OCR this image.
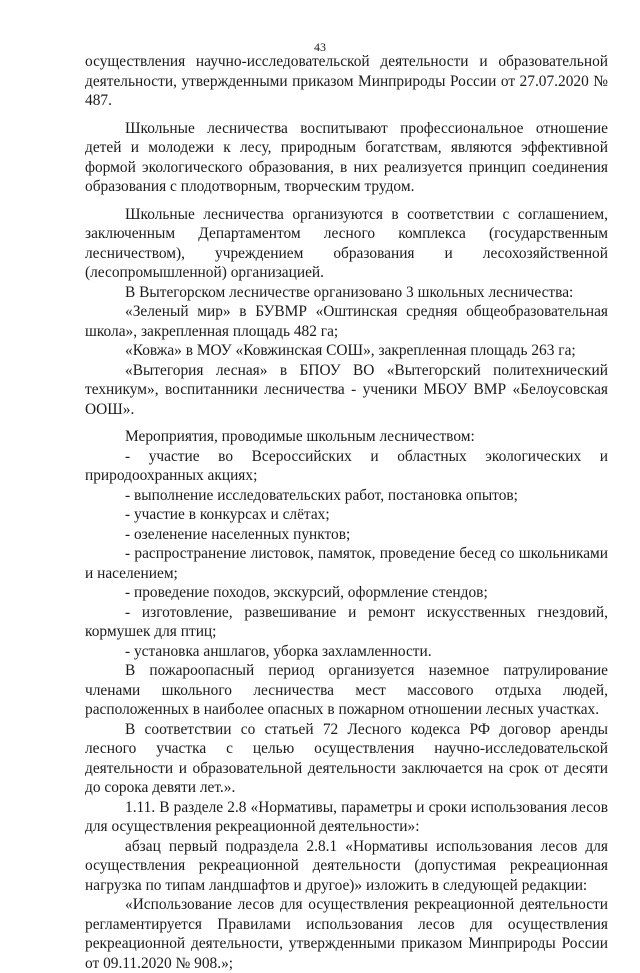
43

осуществления научно-исследовательской деятельности и образовательной деятельности, утвержденными приказом Минприроды России от 27.07.2020 № 487.

Школьные лесничества воспитывают профессиональное отношение детей и молодежи к лесу, природным богатствам, являются эффективной формой экологического образования, в них реализуется принцип соединения образования с плодотворным, творческим трудом.

Школьные лесничества организуются в соответствии с соглашением, заключенным Департаментом лесного комплекса (государственным лесничеством), учреждением образования и лесохозяйственной (лесопромышленной) организацией.

В Вытегорском лесничестве организовано 3 школьных лесничества:

«Зеленый мир» в БУВМР «Оштинская средняя общеобразовательная школа», закрепленная площадь 482 га;

«Ковжа» в МОУ «Ковжинская СОШ», закрепленная площадь 263 га;

«Вытегория лесная» в БПОУ ВО «Вытегорский политехнический техникум», воспитанники лесничества - ученики МБОУ ВМР «Белоусовская ООШ».

Мероприятия, проводимые школьным лесничеством:

- участие во Всероссийских и областных экологических и природоохранных акциях;

- выполнение исследовательских работ, постановка опытов;

- участие в конкурсах и слётах;

- озеленение населенных пунктов;

- распространение листовок, памяток, проведение бесед со школьниками и населением;

- проведение походов, экскурсий, оформление стендов;

- изготовление, развешивание и ремонт искусственных гнездовий, кормушек для птиц;

- установка аншлагов, уборка захламленности.

В пожароопасный период организуется наземное патрулирование членами школьного лесничества мест массового отдыха людей, расположенных в наиболее опасных в пожарном отношении лесных участках.

В соответствии со статьей 72 Лесного кодекса РФ договор аренды лесного участка с целью осуществления научно-исследовательской деятельности и образовательной деятельности заключается на срок от десяти до сорока девяти лет.».

1.11. В разделе 2.8 «Нормативы, параметры и сроки использования лесов для осуществления рекреационной деятельности»:

абзац первый подраздела 2.8.1 «Нормативы использования лесов для осуществления рекреационной деятельности (допустимая рекреационная нагрузка по типам ландшафтов и другое)» изложить в следующей редакции:

«Использование лесов для осуществления рекреационной деятельности регламентируется Правилами использования лесов для осуществления рекреационной деятельности, утвержденными приказом Минприроды России от 09.11.2020 № 908.»;
